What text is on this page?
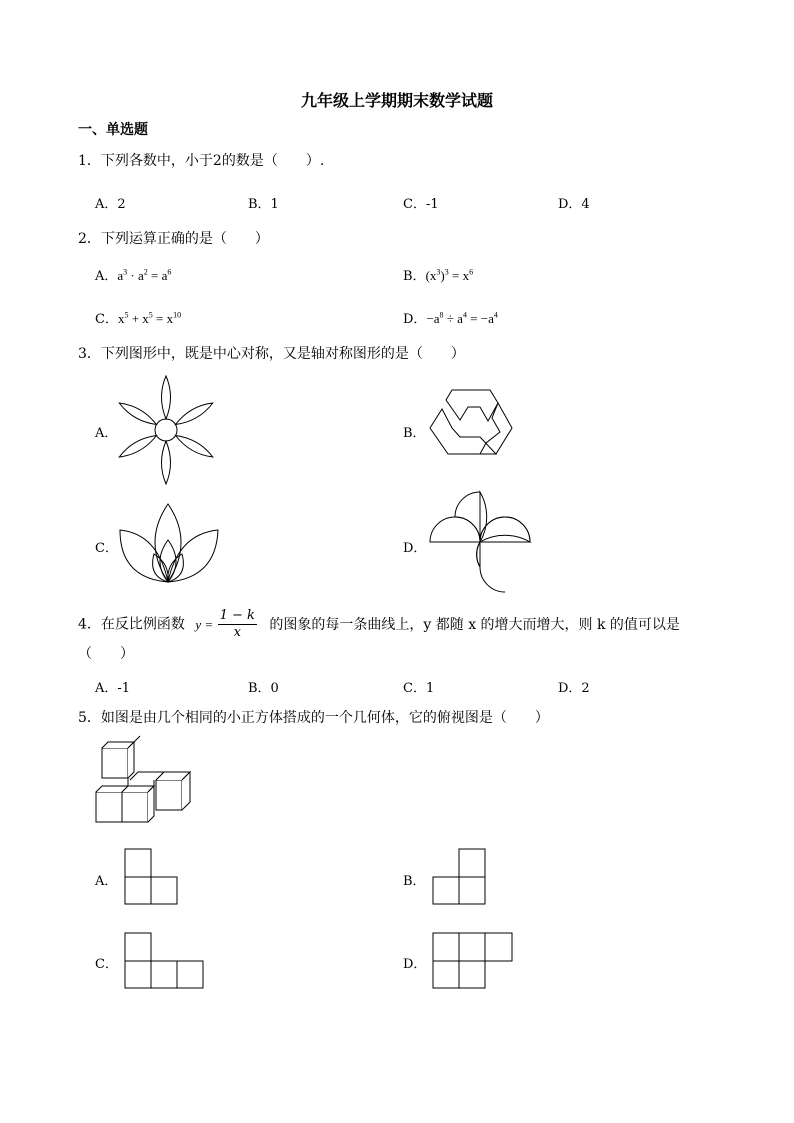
九年级上学期期末数学试题
一、单选题
1．下列各数中，小于2的数是（　　）.
A．2	B．1	C．-1	D．4
2．下列运算正确的是（　　）
A．$a^3 \cdot a^2 = a^6$	B．$(x^3)^3 = x^6$
C．$x^5 + x^5 = x^{10}$	D．$-a^8 \div a^4 = -a^4$
3．下列图形中，既是中心对称，又是轴对称图形的是（　　）
A．	B．
C．	D．
4．在反比例函数 $y = \frac{1 - k}{x}$ 的图象的每一条曲线上，y 都随 x 的增大而增大，则 k 的值可以是
（　　）
A．-1	B．0	C．1	D．2
5．如图是由几个相同的小正方体搭成的一个几何体，它的俯视图是（　　）
A．	B．
C．	D．
